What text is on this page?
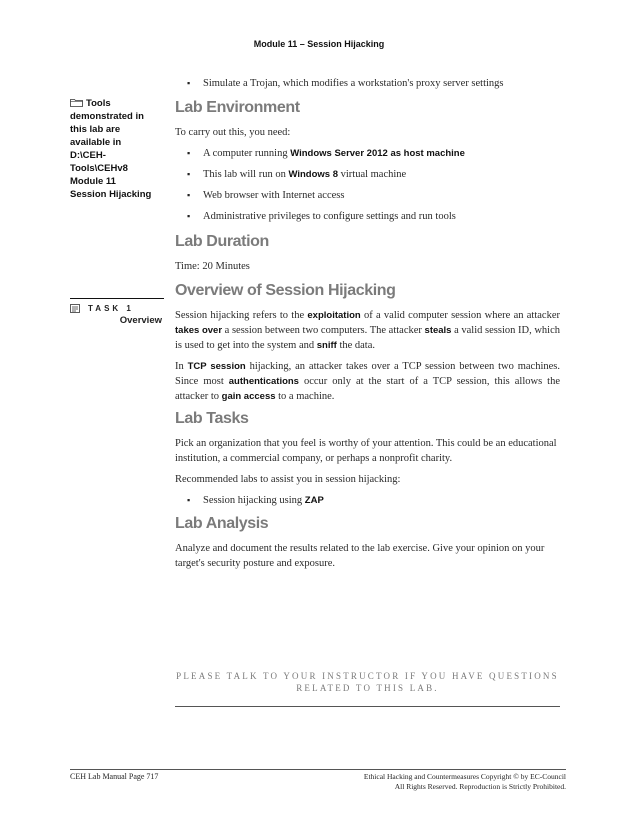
Module 11 – Session Hijacking
Tools
demonstrated in
this lab are
available in
D:\CEH-
Tools\CEHv8
Module 11
Session Hijacking
TASK 1
Overview

▪ Simulate a Trojan, which modifies a workstation's proxy server settings

Lab Environment

To carry out this, you need:

▪ A computer running Windows Server 2012 as host machine

▪ This lab will run on Windows 8 virtual machine

▪ Web browser with Internet access

▪ Administrative privileges to configure settings and run tools

Lab Duration

Time: 20 Minutes

Overview of Session Hijacking

Session hijacking refers to the exploitation of a valid computer session where an attacker takes over a session between two computers. The attacker steals a valid session ID, which is used to get into the system and sniff the data.

In TCP session hijacking, an attacker takes over a TCP session between two machines. Since most authentications occur only at the start of a TCP session, this allows the attacker to gain access to a machine.

Lab Tasks

Pick an organization that you feel is worthy of your attention. This could be an educational institution, a commercial company, or perhaps a nonprofit charity.

Recommended labs to assist you in session hijacking:

▪ Session hijacking using ZAP

Lab Analysis

Analyze and document the results related to the lab exercise. Give your opinion on your target's security posture and exposure.

PLEASE TALK TO YOUR INSTRUCTOR IF YOU HAVE QUESTIONS
RELATED TO THIS LAB.
CEH Lab Manual Page 717	Ethical Hacking and Countermeasures Copyright © by EC-Council
All Rights Reserved. Reproduction is Strictly Prohibited.
